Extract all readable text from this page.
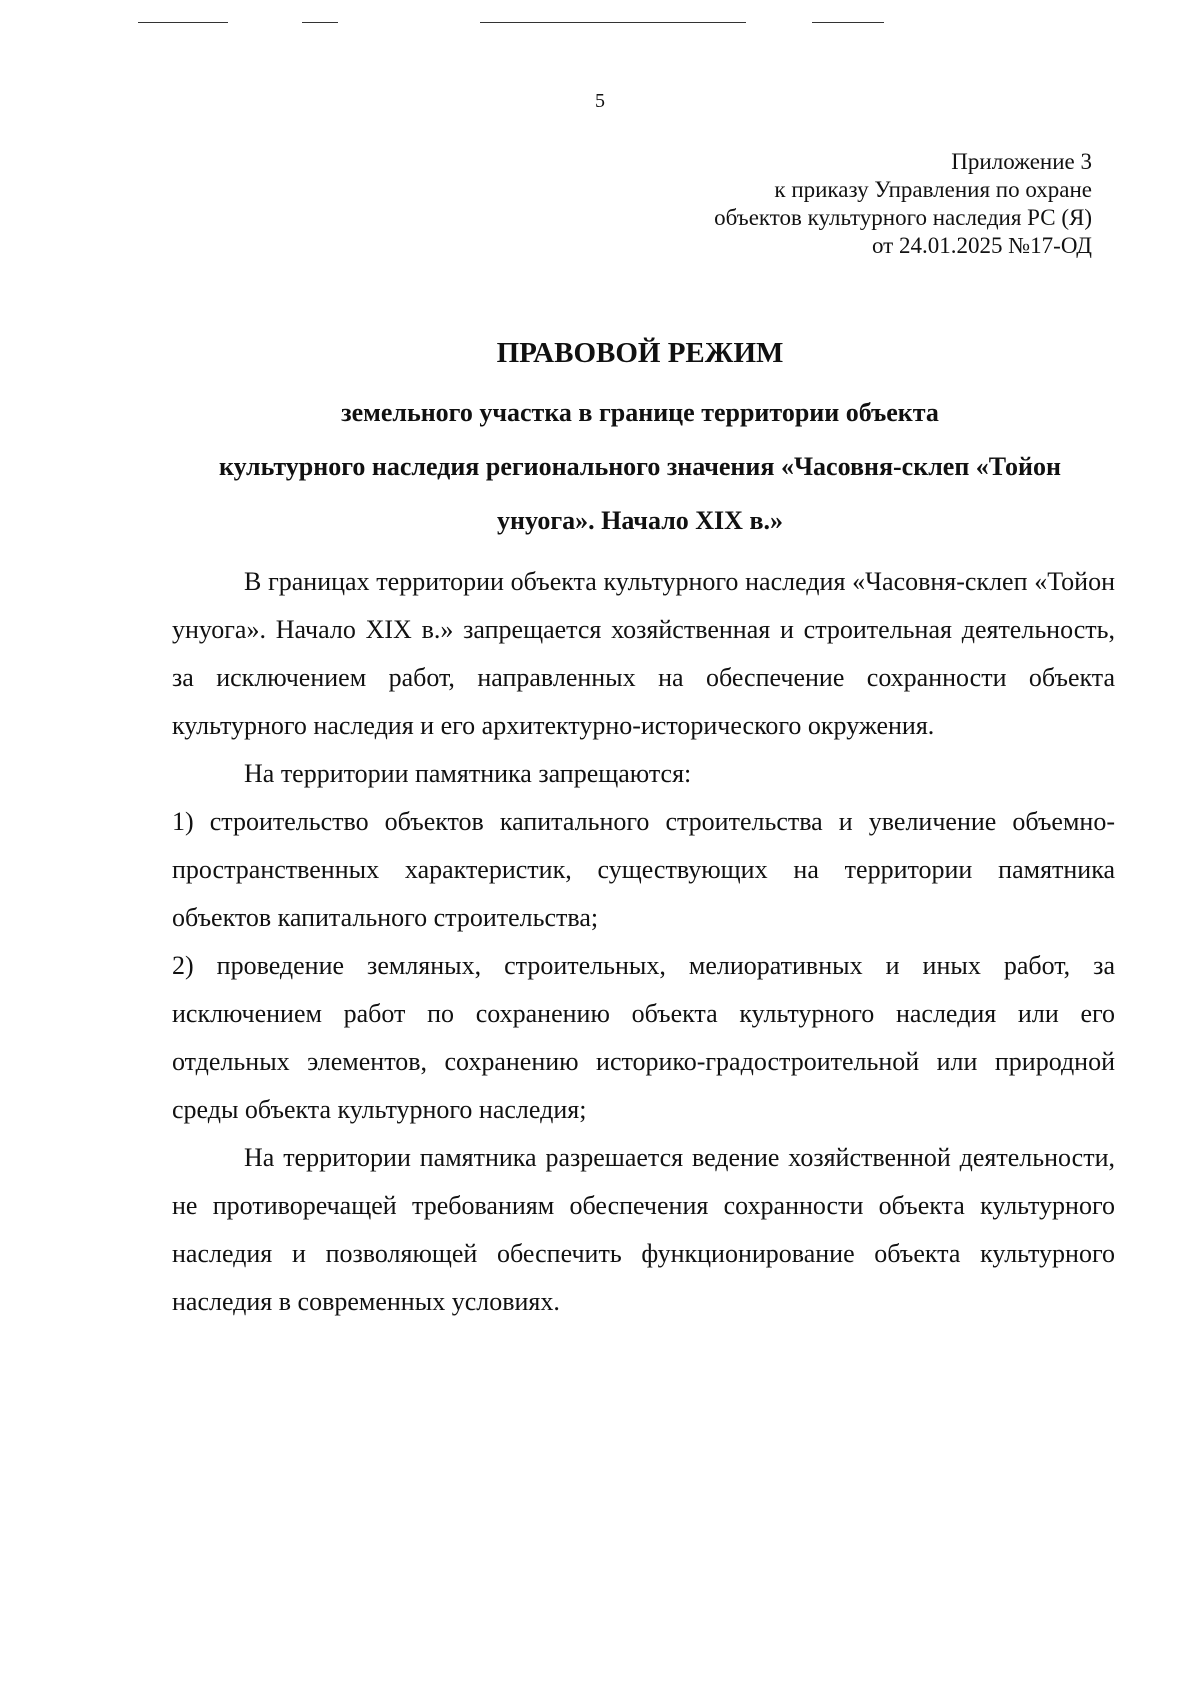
5
Приложение 3
к приказу Управления по охране
объектов культурного наследия РС (Я)
от 24.01.2025 №17-ОД
ПРАВОВОЙ РЕЖИМ
земельного участка в границе территории объекта
культурного наследия регионального значения «Часовня-склеп «Тойон
унуога». Начало XIX в.»

В границах территории объекта культурного наследия «Часовня-склеп «Тойон унуога». Начало XIX в.» запрещается хозяйственная и строительная деятельность, за исключением работ, направленных на обеспечение сохранности объекта культурного наследия и его архитектурно-исторического окружения.

На территории памятника запрещаются:

1) строительство объектов капитального строительства и увеличение объемно-пространственных характеристик, существующих на территории памятника объектов капитального строительства;

2) проведение земляных, строительных, мелиоративных и иных работ, за исключением работ по сохранению объекта культурного наследия или его отдельных элементов, сохранению историко-градостроительной или природной среды объекта культурного наследия;

На территории памятника разрешается ведение хозяйственной деятельности, не противоречащей требованиям обеспечения сохранности объекта культурного наследия и позволяющей обеспечить функционирование объекта культурного наследия в современных условиях.
